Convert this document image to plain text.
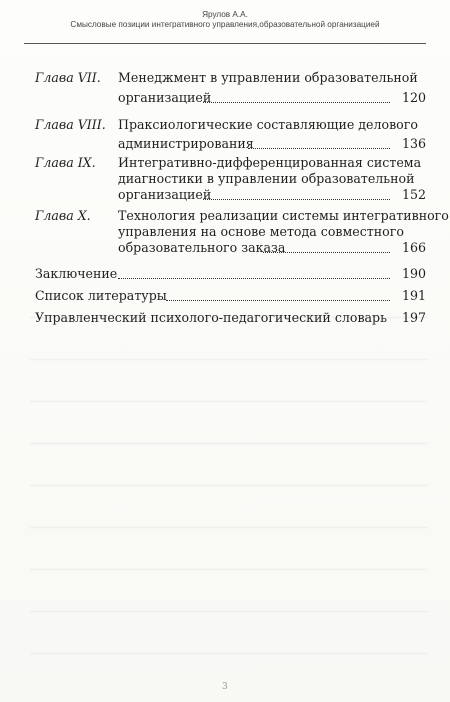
Ярулов А.А.
Смысловые позиции интегративного управления,образовательной организацией
Глава VII. Менеджмент в управлении образовательной
организацией	120
Глава VIII. Праксиологические составляющие делового
администрирования	136
Глава IX. Интегративно-дифференцированная система
диагностики в управлении образовательной
организацией	152
Глава X. Технология реализации системы интегративного
управления на основе метода совместного
образовательного заказа	166
Заключение	190
Список литературы	191
Управленческий психолого-педагогический словарь 197
3
